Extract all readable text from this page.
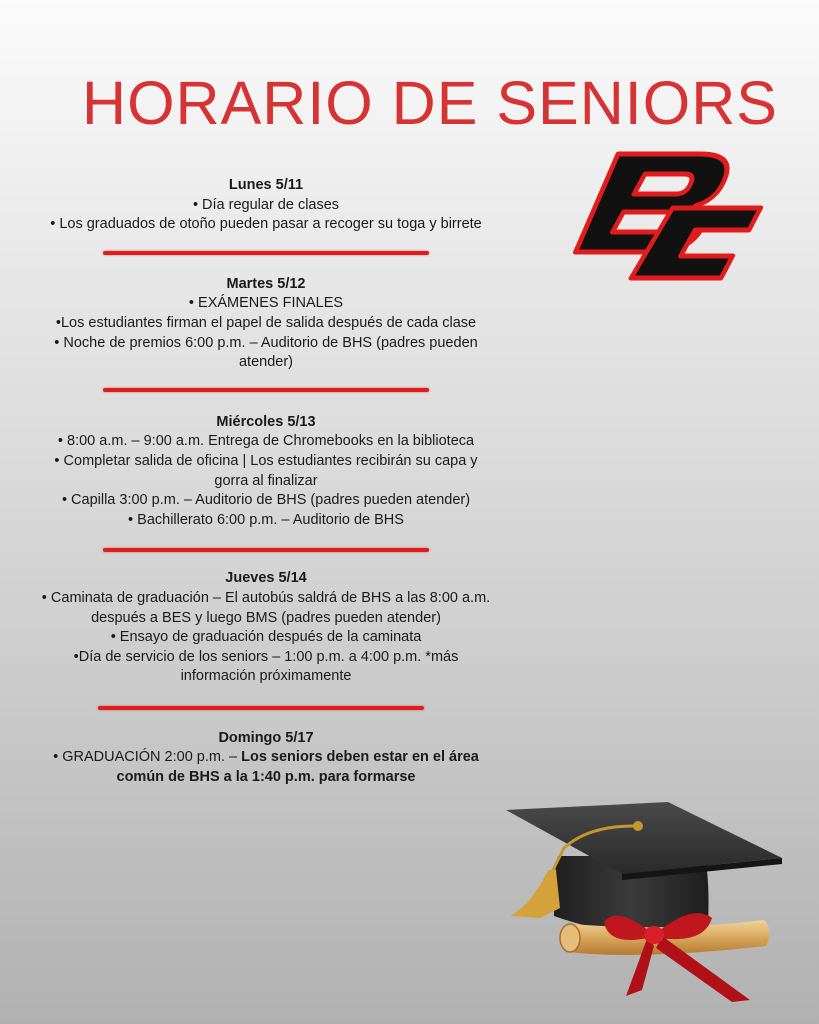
HORARIO DE SENIORS
Lunes 5/11
• Día regular de clases
• Los graduados de otoño pueden pasar a recoger su toga y birrete
Martes 5/12
• EXÁMENES FINALES
•Los estudiantes firman el papel de salida después de cada clase
• Noche de premios 6:00 p.m. – Auditorio de BHS (padres pueden atender)
Miércoles 5/13
• 8:00 a.m. – 9:00 a.m. Entrega de Chromebooks en la biblioteca
• Completar salida de oficina | Los estudiantes recibirán su capa y gorra al finalizar
• Capilla 3:00 p.m. – Auditorio de BHS (padres pueden atender)
• Bachillerato 6:00 p.m. – Auditorio de BHS
Jueves 5/14
• Caminata de graduación – El autobús saldrá de BHS a las 8:00 a.m. después a BES y luego BMS (padres pueden atender)
• Ensayo de graduación después de la caminata
•Día de servicio de los seniors – 1:00 p.m. a 4:00 p.m. *más información próximamente
Domingo 5/17
• GRADUACIÓN 2:00 p.m. – Los seniors deben estar en el área común de BHS a la 1:40 p.m. para formarse
